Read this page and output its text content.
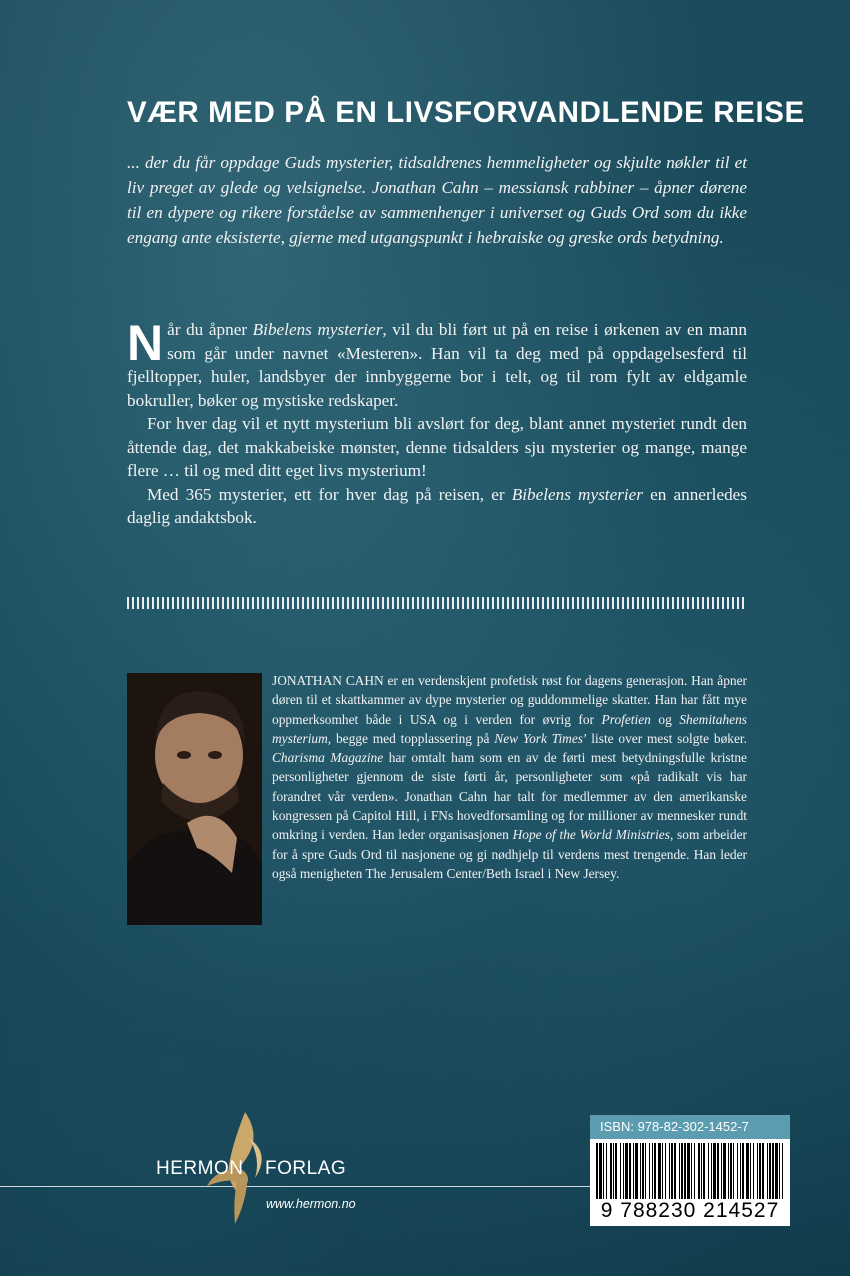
VÆR MED PÅ EN LIVSFORVANDLENDE REISE

... der du får oppdage Guds mysterier, tidsaldrenes hemmeligheter og skjulte nøkler til et liv preget av glede og velsignelse. Jonathan Cahn – messiansk rabbiner – åpner dørene til en dypere og rikere forståelse av sammenhenger i universet og Guds Ord som du ikke engang ante eksisterte, gjerne med utgangspunkt i hebraiske og greske ords betydning.

Når du åpner Bibelens mysterier, vil du bli ført ut på en reise i ørkenen av en mann som går under navnet «Mesteren». Han vil ta deg med på oppdagelsesferd til fjelltopper, huler, landsbyer der innbyggerne bor i telt, og til rom fylt av eldgamle bokruller, bøker og mystiske redskaper.

For hver dag vil et nytt mysterium bli avslørt for deg, blant annet mysteriet rundt den åttende dag, det makkabeiske mønster, denne tidsalders sju mysterier og mange, mange flere … til og med ditt eget livs mysterium!

Med 365 mysterier, ett for hver dag på reisen, er Bibelens mysterier en annerledes daglig andaktsbok.

JONATHAN CAHN er en verdenskjent profetisk røst for dagens generasjon. Han åpner døren til et skattkammer av dype mysterier og guddommelige skatter. Han har fått mye oppmerksomhet både i USA og i verden for øvrig for Profetien og Shemitahens mysterium, begge med topplassering på New York Times’ liste over mest solgte bøker. Charisma Magazine har omtalt ham som en av de førti mest betydningsfulle kristne personligheter gjennom de siste førti år, personligheter som «på radikalt vis har forandret vår verden». Jonathan Cahn har talt for medlemmer av den amerikanske kongressen på Capitol Hill, i FNs hovedforsamling og for millioner av mennesker rundt omkring i verden. Han leder organisasjonen Hope of the World Ministries, som arbeider for å spre Guds Ord til nasjonene og gi nødhjelp til verdens mest trengende. Han leder også menigheten The Jerusalem Center/Beth Israel i New Jersey.

HERMON FORLAG
www.hermon.no
ISBN: 978-82-302-1452-7
9 788230 214527
